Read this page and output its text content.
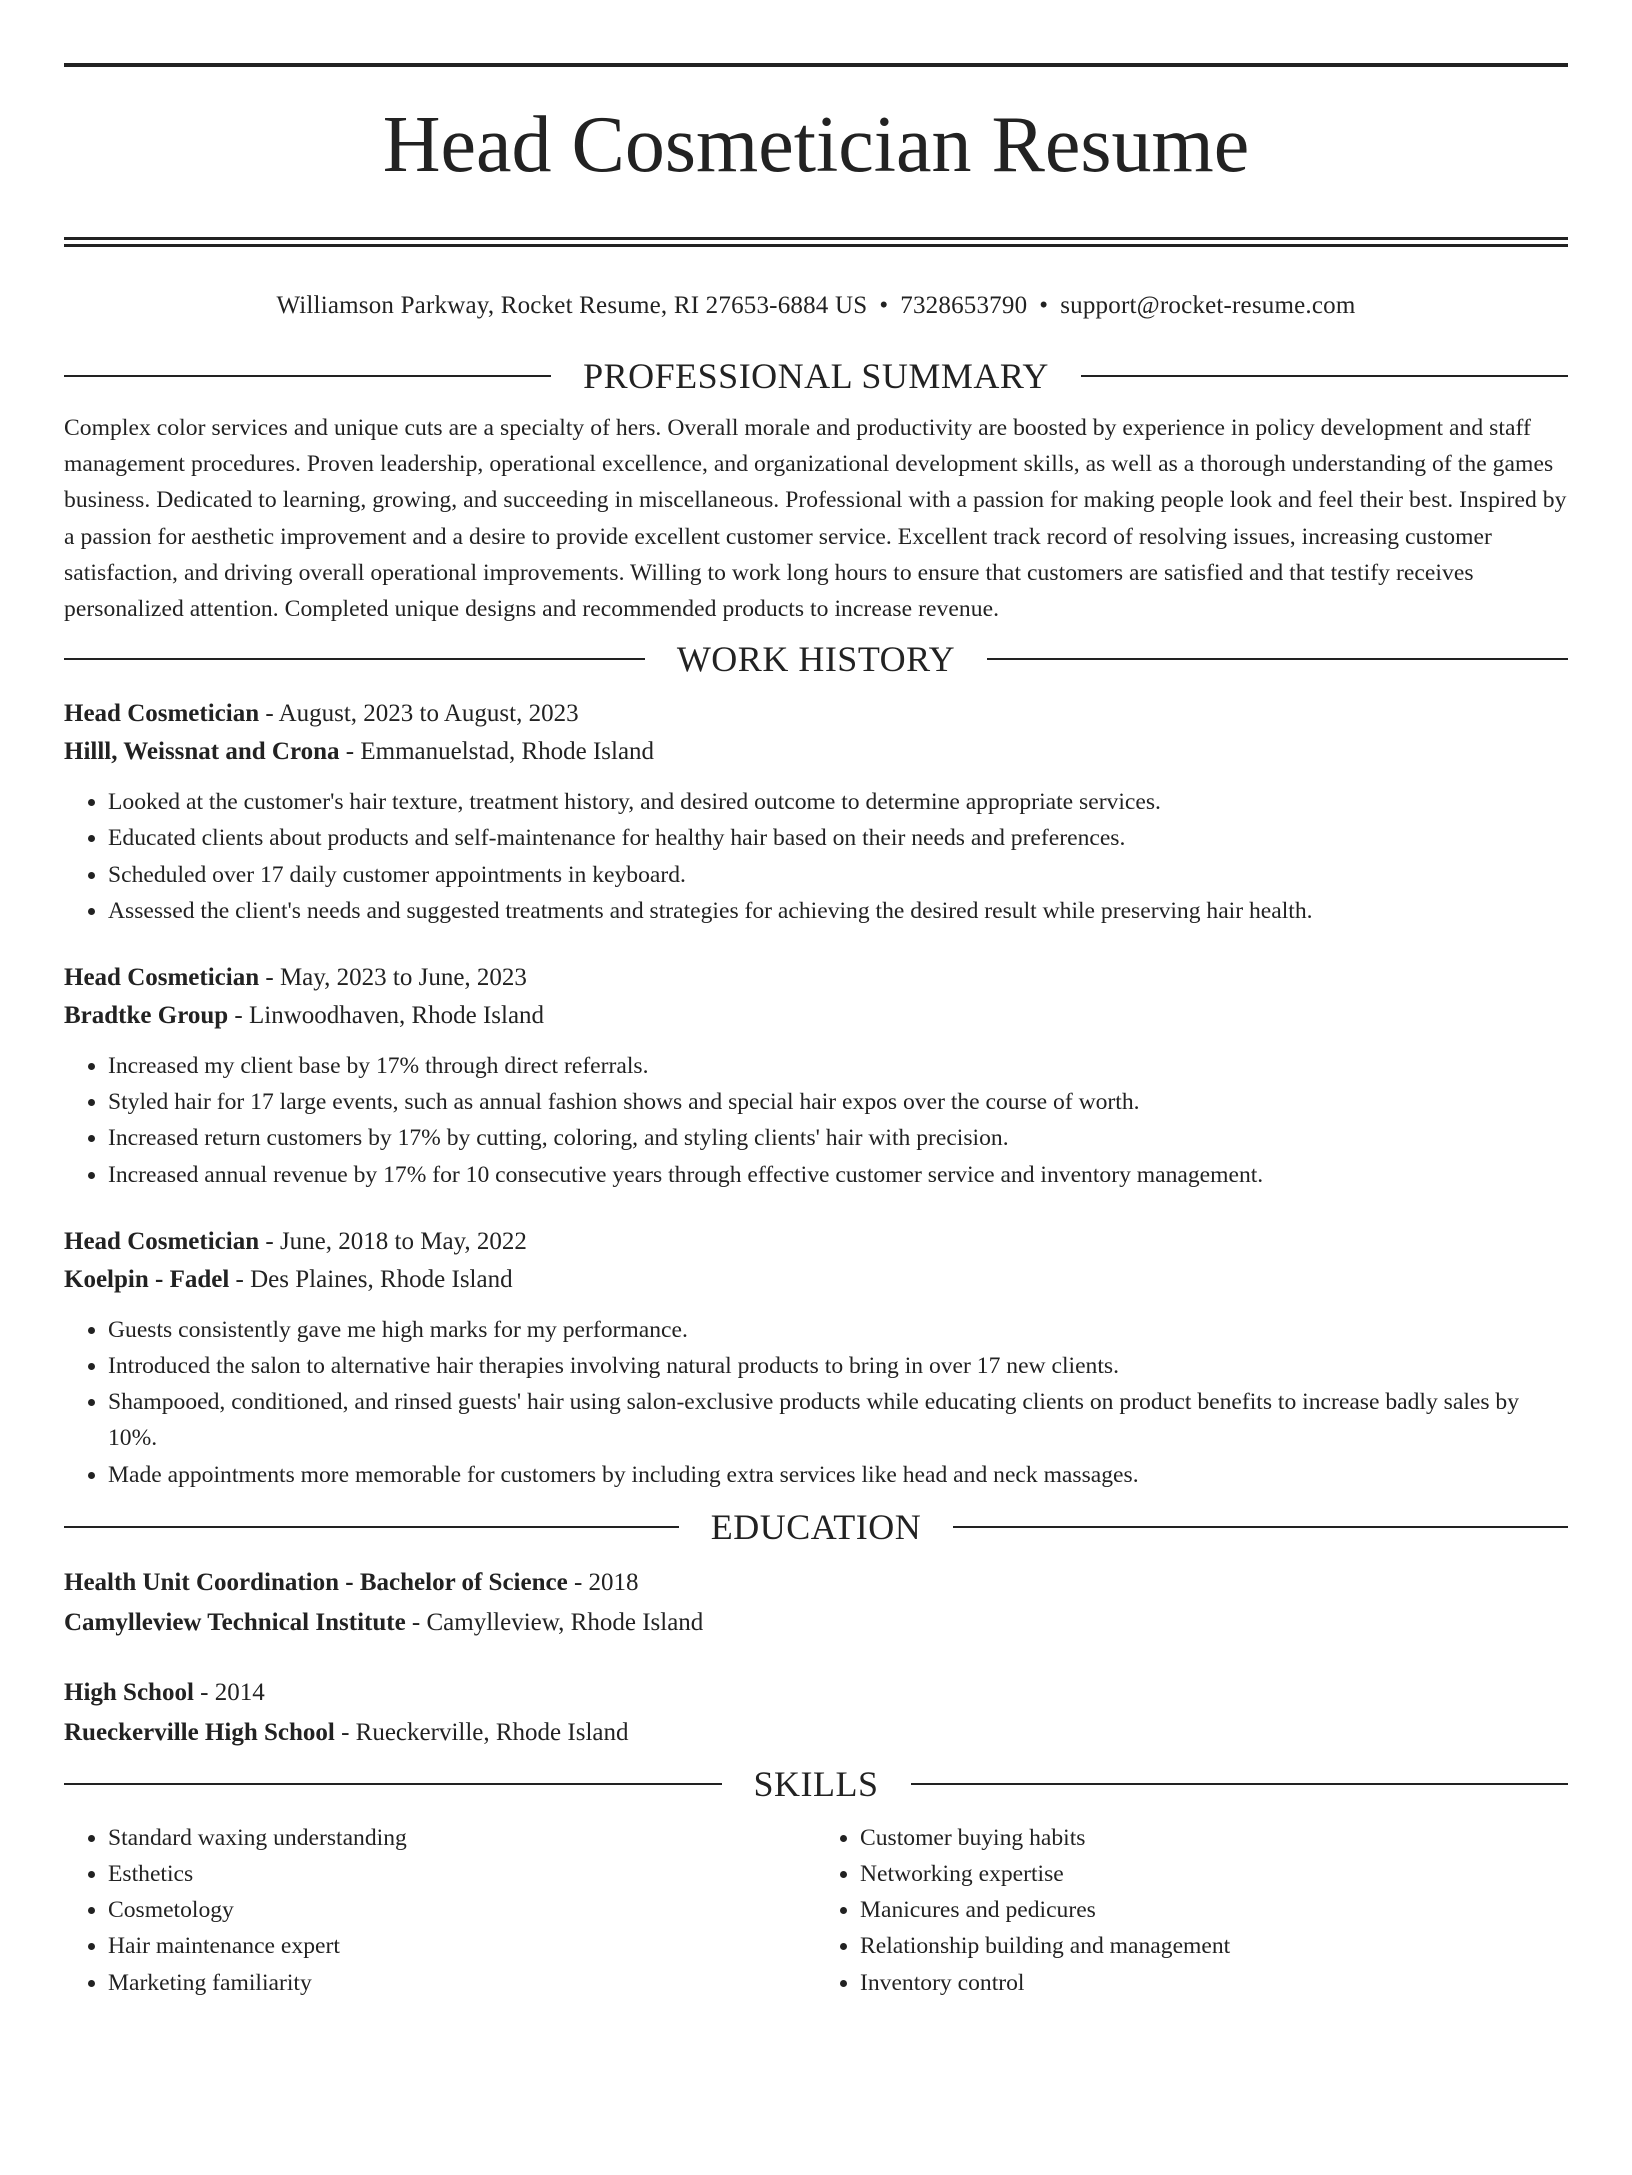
Head Cosmetician Resume
Williamson Parkway, Rocket Resume, RI 27653-6884 US • 7328653790 • support@rocket-resume.com
PROFESSIONAL SUMMARY

Complex color services and unique cuts are a specialty of hers. Overall morale and productivity are boosted by experience in policy development and staff management procedures. Proven leadership, operational excellence, and organizational development skills, as well as a thorough understanding of the games business. Dedicated to learning, growing, and succeeding in miscellaneous. Professional with a passion for making people look and feel their best. Inspired by a passion for aesthetic improvement and a desire to provide excellent customer service. Excellent track record of resolving issues, increasing customer satisfaction, and driving overall operational improvements. Willing to work long hours to ensure that customers are satisfied and that testify receives personalized attention. Completed unique designs and recommended products to increase revenue.

WORK HISTORY
Head Cosmetician - August, 2023 to August, 2023
Hilll, Weissnat and Crona - Emmanuelstad, Rhode Island
• Looked at the customer's hair texture, treatment history, and desired outcome to determine appropriate services.
• Educated clients about products and self-maintenance for healthy hair based on their needs and preferences.
• Scheduled over 17 daily customer appointments in keyboard.
• Assessed the client's needs and suggested treatments and strategies for achieving the desired result while preserving hair health.
Head Cosmetician - May, 2023 to June, 2023
Bradtke Group - Linwoodhaven, Rhode Island
• Increased my client base by 17% through direct referrals.
• Styled hair for 17 large events, such as annual fashion shows and special hair expos over the course of worth.
• Increased return customers by 17% by cutting, coloring, and styling clients' hair with precision.
• Increased annual revenue by 17% for 10 consecutive years through effective customer service and inventory management.
Head Cosmetician - June, 2018 to May, 2022
Koelpin - Fadel - Des Plaines, Rhode Island
• Guests consistently gave me high marks for my performance.
• Introduced the salon to alternative hair therapies involving natural products to bring in over 17 new clients.
• Shampooed, conditioned, and rinsed guests' hair using salon-exclusive products while educating clients on product benefits to increase badly sales by 10%.
• Made appointments more memorable for customers by including extra services like head and neck massages.
EDUCATION
Health Unit Coordination - Bachelor of Science - 2018
Camylleview Technical Institute - Camylleview, Rhode Island
High School - 2014
Rueckerville High School - Rueckerville, Rhode Island
SKILLS
• Standard waxing understanding
• Esthetics
• Cosmetology
• Hair maintenance expert
• Marketing familiarity
• Customer buying habits
• Networking expertise
• Manicures and pedicures
• Relationship building and management
• Inventory control
